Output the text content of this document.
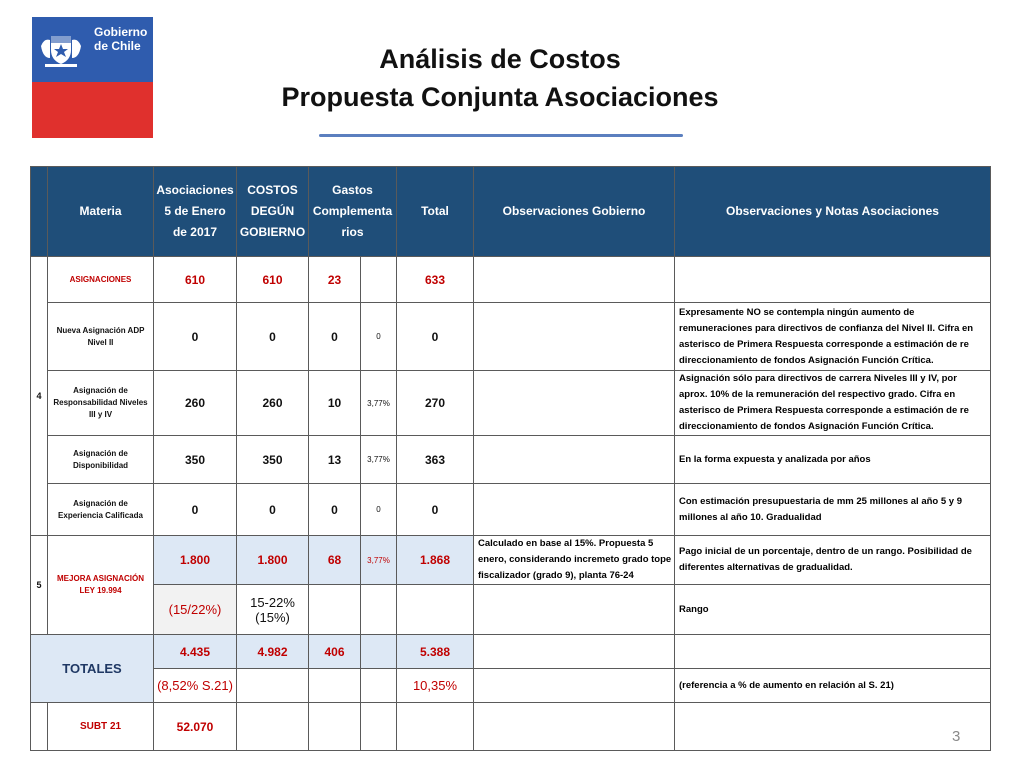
Gobierno
de Chile	Análisis de Costos
Propuesta Conjunta Asociaciones
	Materia	Asociaciones 5 de Enero de 2017	COSTOS DEGÚN GOBIERNO	Gastos Complementa rios		Total	Observaciones Gobierno	Observaciones y Notas Asociaciones
4	ASIGNACIONES	610	610	23		633		
	Nueva Asignación ADP Nivel II	0	0	0	0	0		Expresamente NO se contempla ningún aumento de remuneraciones para directivos de confianza del Nivel II. Cifra en asterisco de Primera Respuesta corresponde a estimación de re direccionamiento de fondos Asignación Función Crítica.
	Asignación de Responsabilidad Niveles III y IV	260	260	10	3,77%	270		Asignación sólo para directivos de carrera Niveles III y IV, por aprox. 10% de la remuneración del respectivo grado. Cifra en asterisco de Primera Respuesta corresponde a estimación de re direccionamiento de fondos Asignación Función Crítica.
	Asignación de Disponibilidad	350	350	13	3,77%	363		En la forma expuesta y analizada por años
	Asignación de Experiencia Calificada	0	0	0	0	0		Con estimación presupuestaria de mm 25 millones al año 5 y 9 millones al año 10. Gradualidad
5	MEJORA ASIGNACIÓN LEY 19.994	1.800	1.800	68	3,77%	1.868	Calculado en base al 15%. Propuesta 5 enero, considerando incremeto grado tope fiscalizador (grado 9), planta 76-24	Pago inicial de un porcentaje, dentro de un rango. Posibilidad de diferentes alternativas de gradualidad.
		(15/22%)	15-22% (15%)					Rango
TOTALES		4.435	4.982	406		5.388		
		(8,52% S.21)				10,35%		(referencia a % de aumento en relación al S. 21)
	SUBT 21	52.070						
3
